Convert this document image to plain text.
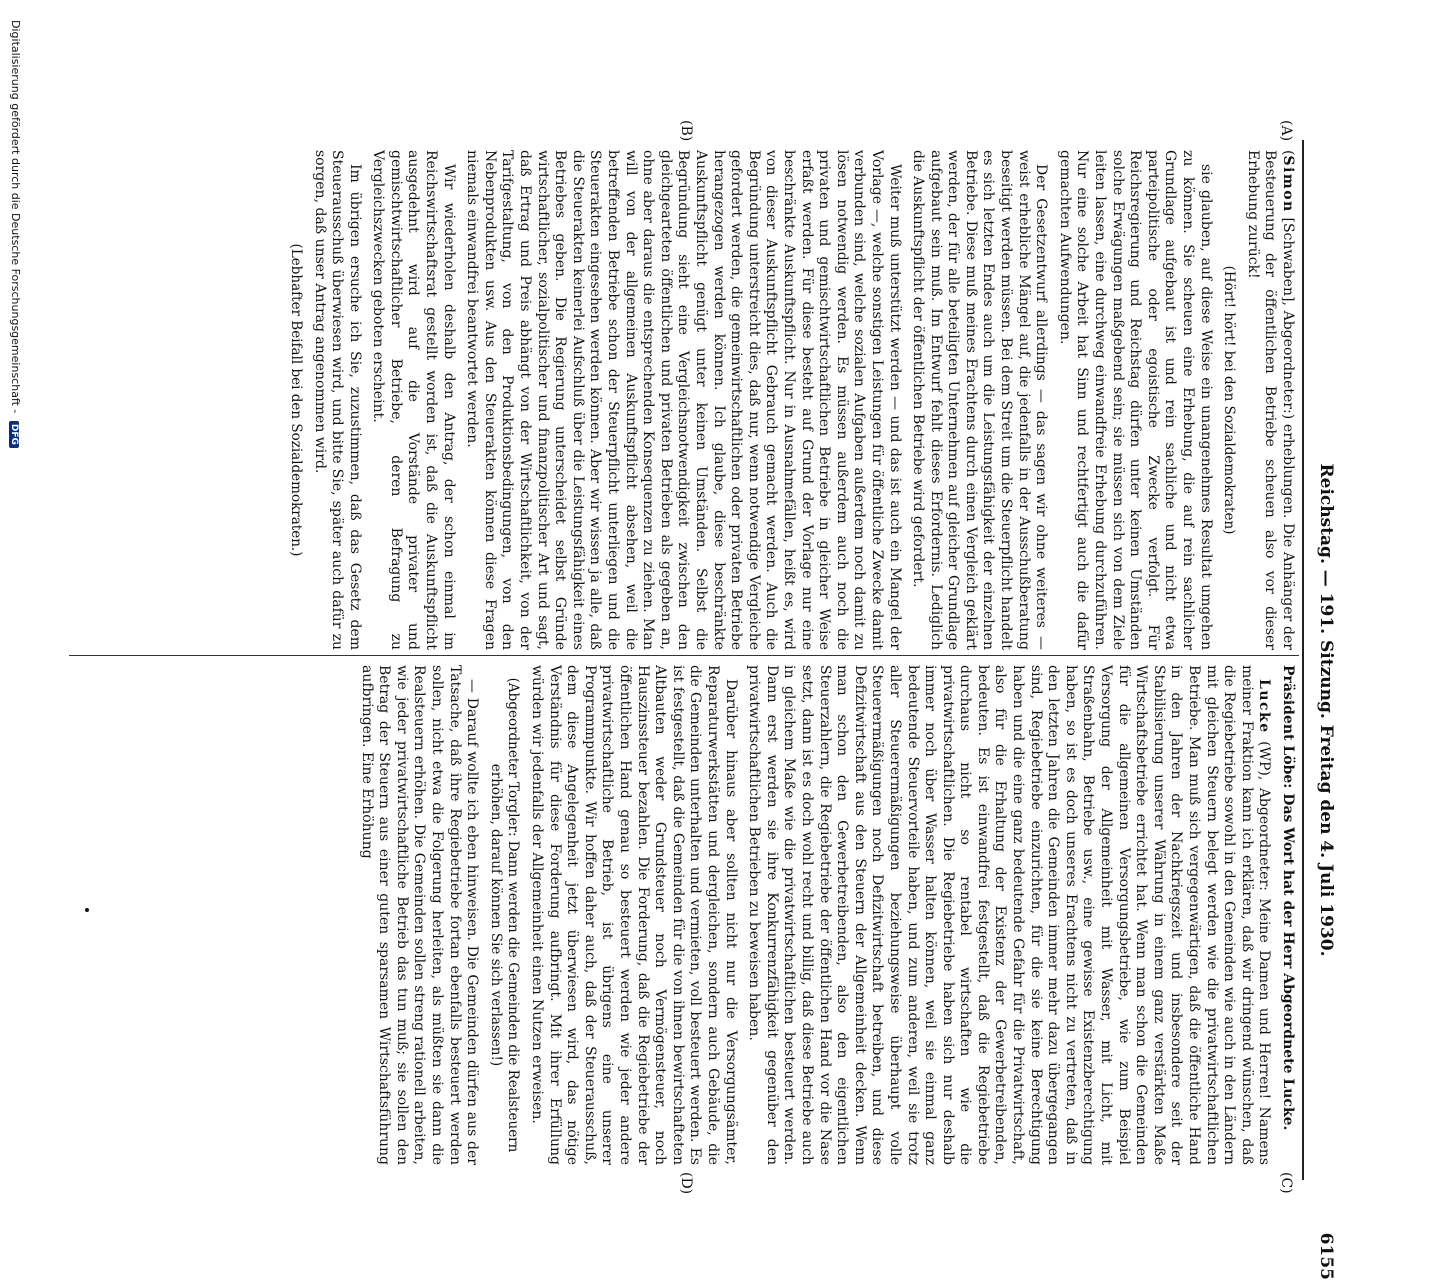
Reichstag. — 191. Sitzung. Freitag den 4. Juli 1930.
6155
(A)
(B)
(C)
(D)

(Simon [Schwaben], Abgeordneter:) erheblungen. Die Anhänger der Besteuerung der öffentlichen Betriebe scheuen also vor dieser Erhebung zurück!

(Hört! hört! bei den Sozialdemokraten)

sie glauben, auf diese Weise ein unangenehmes Resultat umgehen zu können. Sie scheuen eine Erhebung, die auf rein sachlicher Grundlage aufgebaut ist und rein sachliche und nicht etwa parteipolitische oder egoistische Zwecke verfolgt. Für Reichsregierung und Reichstag dürfen unter keinen Umständen solche Erwägungen maßgebend sein; sie müssen sich von dem Ziele leiten lassen, eine durchweg einwandfreie Erhebung durchzuführen. Nur eine solche Arbeit hat Sinn und rechtfertigt auch die dafür gemachten Aufwendungen.

Der Gesetzentwurf allerdings — das sagen wir ohne weiteres — weist erhebliche Mängel auf, die jedenfalls in der Ausschußberatung beseitigt werden müssen. Bei dem Streit um die Steuerpflicht handelt es sich letzten Endes auch um die Leistungsfähigkeit der einzelnen Betriebe. Diese muß meines Erachtens durch einen Vergleich geklärt werden, der für alle beteiligten Unternehmen auf gleicher Grundlage aufgebaut sein muß. Im Entwurf fehlt dieses Erfordernis. Lediglich die Auskunftspflicht der öffentlichen Betriebe wird gefordert.

Weiter muß unterstützt werden — und das ist auch ein Mangel der Vorlage —, welche sonstigen Leistungen für öffentliche Zwecke damit verbunden sind, welche sozialen Aufgaben außerdem noch damit zu lösen notwendig werden. Es müssen außerdem auch noch die privaten und gemischtwirtschaftlichen Betriebe in gleicher Weise erfaßt werden. Für diese besteht auf Grund der Vorlage nur eine beschränkte Auskunftspflicht. Nur in Ausnahmefällen, heißt es, wird von dieser Auskunftspflicht Gebrauch gemacht werden. Auch die Begründung unterstreicht dies, daß nur, wenn notwendige Vergleiche gefordert werden, die gemeinwirtschaftlichen oder privaten Betriebe herangezogen werden können. Ich glaube, diese beschränkte Auskunftspflicht genügt unter keinen Umständen. Selbst die Begründung sieht eine Vergleichsnotwendigkeit zwischen den gleichgearteten öffentlichen und privaten Betrieben als gegeben an, ohne aber daraus die entsprechenden Konsequenzen zu ziehen. Man will von der allgemeinen Auskunftspflicht absehen, weil die betreffenden Betriebe schon der Steuerpflicht unterliegen und die Steuerakten eingesehen werden können. Aber wir wissen ja alle, daß die Steuerakten keinerlei Aufschluß über die Leistungsfähigkeit eines Betriebes geben. Die Regierung unterscheidet selbst Gründe wirtschaftlicher, sozialpolitischer und finanzpolitischer Art und sagt, daß Ertrag und Preis abhängt von der Wirtschaftlichkeit, von der Tarifgestaltung, von den Produktionsbedingungen, von den Nebenprodukten usw. Aus den Steuerakten können diese Fragen niemals einwandfrei beantwortet werden.

Wir wiederholen deshalb den Antrag, der schon einmal im Reichswirtschaftsrat gestellt worden ist, daß die Auskunftspflicht ausgedehnt wird auf die Vorstände privater und gemischtwirtschaftlicher Betriebe, deren Befragung zu Vergleichszwecken geboten erscheint.

Im übrigen ersuche ich Sie, zuzustimmen, daß das Gesetz dem Steuerausschuß überwiesen wird, und bitte Sie, später auch dafür zu sorgen, daß unser Antrag angenommen wird.

(Lebhafter Beifall bei den Sozialdemokraten.)

Präsident Löbe: Das Wort hat der Herr Abgeordnete Lucke.

Lucke (WP), Abgeordneter: Meine Damen und Herren! Namens meiner Fraktion kann ich erklären, daß wir dringend wünschen, daß die Regiebetriebe sowohl in den Gemeinden wie auch in den Ländern mit gleichen Steuern belegt werden wie die privatwirtschaftlichen Betriebe. Man muß sich vergegenwärtigen, daß die öffentliche Hand in den Jahren der Nachkriegszeit und insbesondere seit der Stabilisierung unserer Währung in einem ganz verstärkten Maße Wirtschaftsbetriebe errichtet hat. Wenn man schon die Gemeinden für die allgemeinen Versorgungsbetriebe, wie zum Beispiel Versorgung der Allgemeinheit mit Wasser, mit Licht, mit Straßenbahn, Betriebe usw., eine gewisse Existenzberechtigung haben, so ist es doch unseres Erachtens nicht zu vertreten, daß in den letzten Jahren die Gemeinden immer mehr dazu übergegangen sind, Regiebetriebe einzurichten, für die sie keine Berechtigung haben und die eine ganz bedeutende Gefahr für die Privatwirtschaft, also für die Erhaltung der Existenz der Gewerbetreibenden, bedeuten. Es ist einwandfrei festgestellt, daß die Regiebetriebe durchaus nicht so rentabel wirtschaften wie die privatwirtschaftlichen. Die Regiebetriebe haben sich nur deshalb immer noch über Wasser halten können, weil sie einmal ganz bedeutende Steuervorteile haben, und zum anderen, weil sie trotz aller Steuerermäßigungen beziehungsweise überhaupt volle Steuerermäßigungen noch Defizitwirtschaft betreiben, und diese Defizitwirtschaft aus den Steuern der Allgemeinheit decken. Wenn man schon den Gewerbetreibenden, also den eigentlichen Steuerzahlern, die Regiebetriebe der öffentlichen Hand vor die Nase setzt, dann ist es doch wohl recht und billig, daß diese Betriebe auch in gleichem Maße wie die privatwirtschaftlichen besteuert werden. Dann erst werden sie ihre Konkurrenzfähigkeit gegenüber den privatwirtschaftlichen Betrieben zu beweisen haben.

Darüber hinaus aber sollten nicht nur die Versorgungsämter, Reparaturwerkstätten und dergleichen, sondern auch Gebäude, die die Gemeinden unterhalten und vermieten, voll besteuert werden. Es ist festgestellt, daß die Gemeinden für die von ihnen bewirtschafteten Altbauten weder Grundsteuer noch Vermögensteuer, noch Hauszinssteuer bezahlen. Die Forderung, daß die Regiebetriebe der öffentlichen Hand genau so besteuert werden wie jeder andere privatwirtschaftliche Betrieb, ist übrigens eine unserer Programmpunkte. Wir hoffen daher auch, daß der Steuerausschuß, dem diese Angelegenheit jetzt überwiesen wird, das nötige Verständnis für diese Forderung aufbringt. Mit ihrer Erfüllung würden wir jedenfalls der Allgemeinheit einen Nutzen erweisen.

(Abgeordneter Torgler: Dann werden die Gemeinden die Realsteuern erhöhen, darauf können Sie sich verlassen!)

— Darauf wollte ich eben hinweisen. Die Gemeinden dürfen aus der Tatsache, daß ihre Regiebetriebe fortan ebenfalls besteuert werden sollen, nicht etwa die Folgerung herleiten, als müßten sie dann die Realsteuern erhöhen. Die Gemeinden sollen streng rationell arbeiten, wie jeder privatwirtschaftliche Betrieb das tun muß; sie sollen den Betrag der Steuern aus einer guten sparsamen Wirtschaftsführung aufbringen. Eine Erhöhung

Digitalisierung gefördert durch die Deutsche Forschungsgemeinschaft - DFG
